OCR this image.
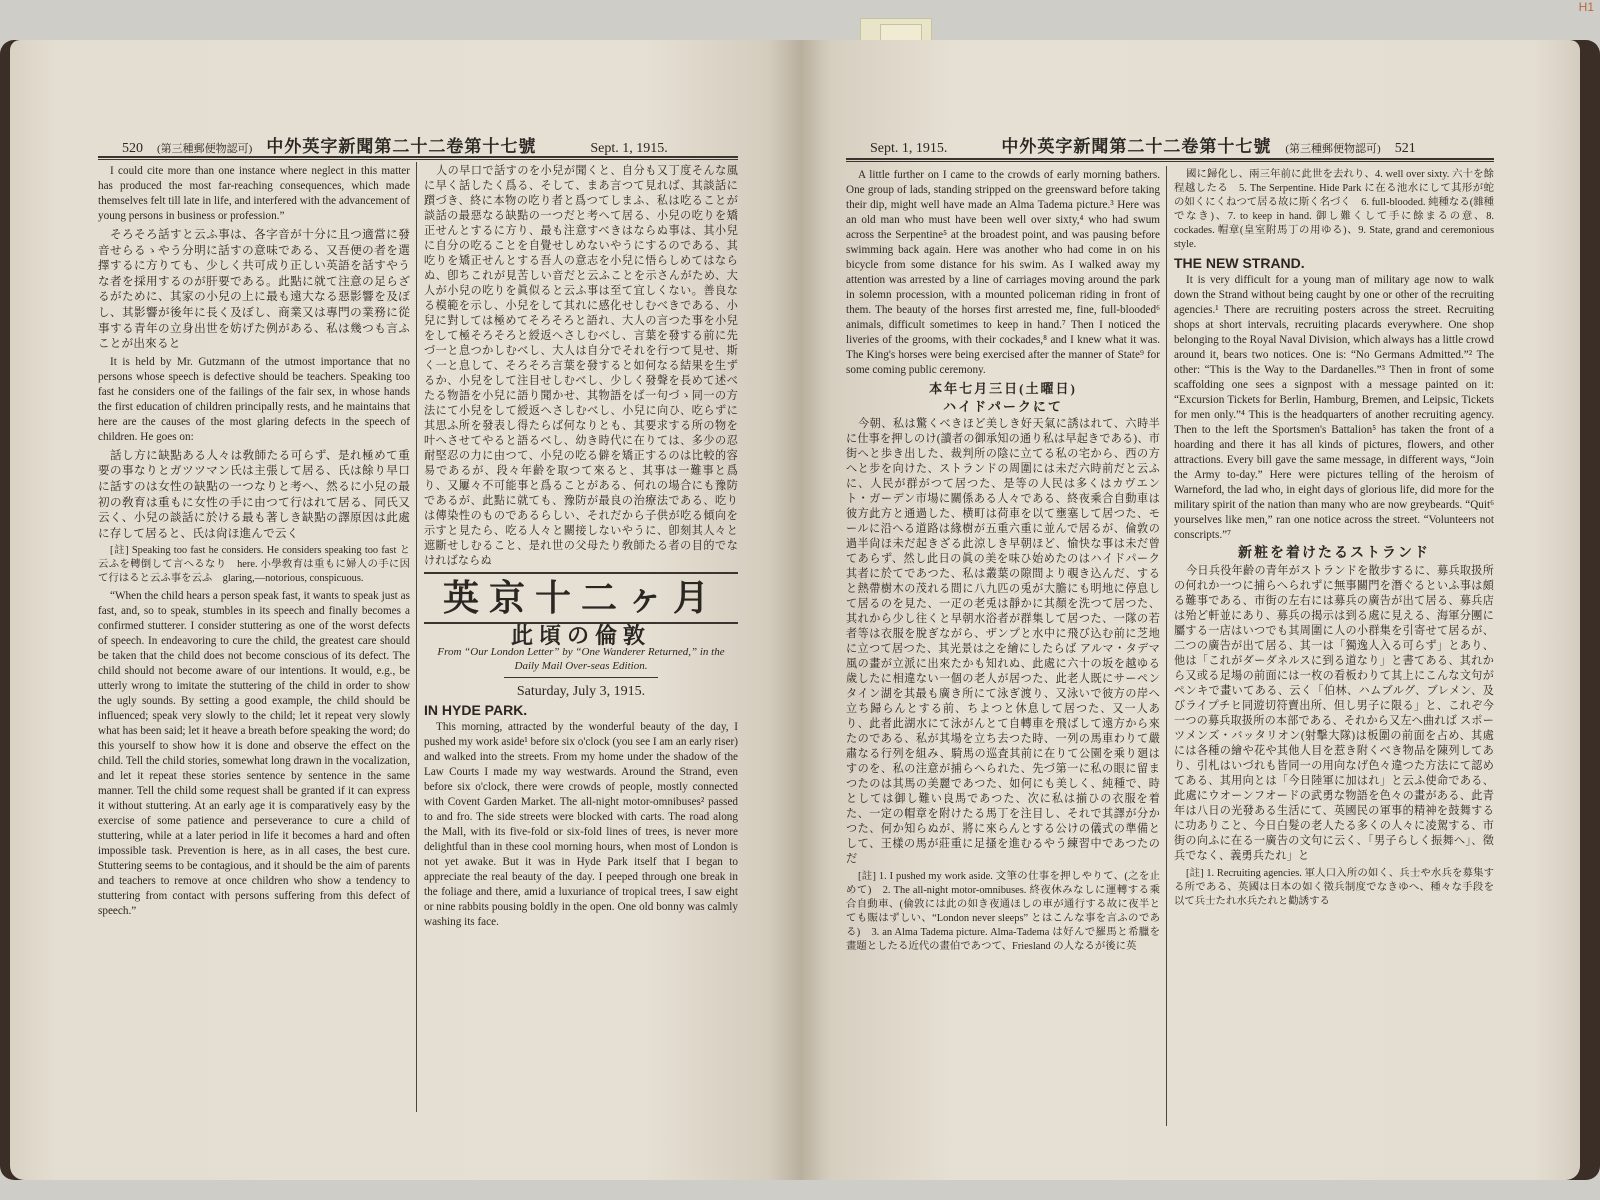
H1
520 (第三種郵便物認可) 中外英字新聞第二十二卷第十七號	Sept. 1, 1915.

I could cite more than one instance where neglect in this matter has produced the most far-reaching consequences, which made themselves felt till late in life, and interfered with the advancement of young persons in business or profession.”

そろそろ話すと云ふ事は、各字音が十分に且つ適當に發音せらるゝやう分明に話すの意味である、又吾便の者を選擇するに方りても、少しく共可成り正しい英語を話すやうな者を採用するのが肝要である。此點に就て注意の足らざるがために、其家の小兒の上に最も遠大なる惡影響を及ぼし、其影響が後年に長く及ぼし、商業又は專門の業務に從事する青年の立身出世を妨げた例がある、私は幾つも言ふことが出來ると

It is held by Mr. Gutzmann of the utmost importance that no persons whose speech is defective should be teachers. Speaking too fast he considers one of the failings of the fair sex, in whose hands the first education of children principally rests, and he maintains that here are the causes of the most glaring defects in the speech of children. He goes on:

話し方に缺點ある人々は敎師たる可らず、是れ極めて重要の事なりとガツツマン氏は主張して居る、氏は餘り早口に話すのは女性の缺點の一つなりと考へ、然るに小兒の最初の敎育は重もに女性の手に由つて行はれて居る、同氏又云く、小兒の談話に於ける最も著しき缺點の譯原因は此處に存して居ると、氏は尙ほ進んで云く

[註] Speaking too fast he considers. He considers speaking too fast と云ふを轉倒して言へるなり　here. 小學敎育は重もに婦人の手に因て行はると云ふ事を云ふ　glaring,—notorious, conspicuous.

“When the child hears a person speak fast, it wants to speak just as fast, and, so to speak, stumbles in its speech and finally becomes a confirmed stutterer. I consider stuttering as one of the worst defects of speech. In endeavoring to cure the child, the greatest care should be taken that the child does not become conscious of its defect. The child should not become aware of our intentions. It would, e.g., be utterly wrong to imitate the stuttering of the child in order to show the ugly sounds. By setting a good example, the child should be influenced; speak very slowly to the child; let it repeat very slowly what has been said; let it heave a breath before speaking the word; do this yourself to show how it is done and observe the effect on the child. Tell the child stories, somewhat long drawn in the vocalization, and let it repeat these stories sentence by sentence in the same manner. Tell the child some request shall be granted if it can express it without stuttering. At an early age it is comparatively easy by the exercise of some patience and perseverance to cure a child of stuttering, while at a later period in life it becomes a hard and often impossible task. Prevention is here, as in all cases, the best cure. Stuttering seems to be contagious, and it should be the aim of parents and teachers to remove at once children who show a tendency to stuttering from contact with persons suffering from this defect of speech.”

人の早口で話すのを小兒が聞くと、自分も又丁度そんな風に早く話したく爲る、そして、まあ言つて見れば、其談話に躓づき、終に本物の吃り者と爲つてしまふ、私は吃ることが談話の最惡なる缺點の一つだと考へて居る、小兒の吃りを矯正せんとするに方り、最も注意すべきはならぬ事は、其小兒に自分の吃ることを自覺せしめないやうにするのである、其吃りを矯正せんとする吾人の意志を小兒に悟らしめてはならぬ、卽ちこれが見苦しい音だと云ふことを示さんがため、大人が小兒の吃りを眞似ると云ふ事は至て宜しくない。善良なる模範を示し、小兒をして其れに感化せしむべきである、小兒に對しては極めてそろそろと語れ、大人の言つた事を小兒をして極そろそろと綬返へさしむべし、言葉を發する前に先づ一と息つかしむべし、大人は自分でそれを行つて見せ、斯く一と息して、そろそろ言葉を發すると如何なる結果を生ずるか、小兒をして注目せしむべし、少しく發聲を長めて述べたる物語を小兒に語り聞かせ、其物語をば一句づゝ同一の方法にて小兒をして綬返へさしむべし、小兒に向ひ、吃らずに其思ふ所を發表し得たらば何なりとも、其要求する所の物を叶へさせてやると語るべし、幼き時代に在りては、多少の忍耐堅忍の力に由つて、小兒の吃る僻を矯正するのは比較的容易であるが、段々年齡を取つて來ると、其事は一難事と爲り、又屢々不可能事と爲ることがある、何れの場合にも豫防であるが、此點に就ても、豫防が最良の治療法である、吃りは傳染性のものであるらしい、それだから子供が吃る傾向を示すと見たら、吃る人々と關接しないやうに、卽刻其人々と遮斷せしむること、是れ世の父母たり敎師たる者の目的でなければならぬ

英京十二ヶ月
此頃の倫敦
From “Our London Letter” by “One Wanderer Returned,” in the Daily Mail Over-seas Edition.
Saturday, July 3, 1915.
IN HYDE PARK.

This morning, attracted by the wonderful beauty of the day, I pushed my work aside¹ before six o'clock (you see I am an early riser) and walked into the streets. From my home under the shadow of the Law Courts I made my way westwards. Around the Strand, even before six o'clock, there were crowds of people, mostly connected with Covent Garden Market. The all-night motor-omnibuses² passed to and fro. The side streets were blocked with carts. The road along the Mall, with its five-fold or six-fold lines of trees, is never more delightful than in these cool morning hours, when most of London is not yet awake. But it was in Hyde Park itself that I began to appreciate the real beauty of the day. I peeped through one break in the foliage and there, amid a luxuriance of tropical trees, I saw eight or nine rabbits pousing boldly in the open. One old bonny was calmly washing its face.

Sept. 1, 1915.	中外英字新聞第二十二卷第十七號 (第三種郵便物認可) 521

A little further on I came to the crowds of early morning bathers. One group of lads, standing stripped on the greensward before taking their dip, might well have made an Alma Tadema picture.³ Here was an old man who must have been well over sixty,⁴ who had swum across the Serpentine⁵ at the broadest point, and was pausing before swimming back again. Here was another who had come in on his bicycle from some distance for his swim. As I walked away my attention was arrested by a line of carriages moving around the park in solemn procession, with a mounted policeman riding in front of them. The beauty of the horses first arrested me, fine, full-blooded⁶ animals, difficult sometimes to keep in hand.⁷ Then I noticed the liveries of the grooms, with their cockades,⁸ and I knew what it was. The King's horses were being exercised after the manner of State⁹ for some coming public ceremony.

本年七月三日(土曜日)
ハイドパークにて

今朝、私は驚くべきほど美しき好天氣に誘はれて、六時半に仕事を押しのけ(讀者の御承知の通り私は早起きである)、市街へと歩き出した、裁判所の陰に立てる私の宅から、西の方へと步を向けた、ストランドの周圍には未だ六時前だと云ふに、人民が群がつて居つた、是等の人民は多くはカヴエント・ガーデン市場に關係ある人々である、終夜乘合自動車は彼方此方と通過した、横町は荷車を以て壅塞して居つた、モールに沿へる道路は緣樹が五重六重に並んで居るが、倫敦の過半尙ほ未だ起きざる此涼しき早朝ほど、愉快な事は未だ曾てあらず、然し此日の眞の美を味ひ始めたのはハイドパーク其者に於てであつた、私は叢葉の隙間より覗き込んだ、すると熱帶樹木の茂れる間に八九匹の兎が大膽にも明地に停息して居るのを見た、一疋の老兎は靜かに其顏を洗つて居つた、其れから少し往くと早朝水浴者が群集して居つた、一隊の若者等は衣服を脫ぎながら、ザンプと水中に飛び込む前に芝地に立つて居つた、其光景は之を繪にしたらば アルマ・タデマ風の畫が立派に出來たかも知れぬ、此處に六十の坂を越ゆる歲したに相違ない一個の老人が居つた、此老人既にサーペンタイン湖を其最も廣き所にて泳ぎ渡り、又泳いで彼方の岸へ立ち歸らんとする前、ちよつと休息して居つた、又一人あり、此者此湖水にて泳がんとて自轉車を飛ばして遠方から來たのである、私が其場を立ち去つた時、一列の馬車わりて嚴肅なる行列を組み、騎馬の巡査其前に在りて公園を乘り廻はすのを、私の注意が捕らへられた、先づ第一に私の眼に留まつたのは其馬の美麗であつた、如何にも美しく、純種で、時としては御し難い良馬であつた、次に私は揃ひの衣服を着た、一定の帽章を附けたる馬丁を注目し、それで其譯が分かつた、何か知らぬが、將に來らんとする公けの儀式の準備として、王樣の馬が莊重に足搔を進むるやう練習中であつたのだ

[註] 1. I pushed my work aside. 文筆の仕事を押しやりて、(之を止めて)　2. The all-night motor-omnibuses. 終夜休みなしに運轉する乘合自動車、(倫敦には此の如き夜通ほしの車が通行する故に夜半とても賑はずしい、“London never sleeps” とはこんな事を言ふのである)　3. an Alma Tadema picture. Alma-Tadema は好んで羅馬と希臘を畫題としたる近代の畫伯であつて、Friesland の人なるが後に英

國に歸化し、兩三年前に此世を去れり、4. well over sixty. 六十を餘程越したる　5. The Serpentine. Hide Park に在る池水にして其形が蛇の如くにくねつて居る故に斯く名づく　6. full-blooded. 純種なる(雜種でなき)、7. to keep in hand. 御し難くして手に餘まるの意、8. cockades. 帽章(皇室附馬丁の用ゆる)、9. State, grand and ceremonious style.

THE NEW STRAND.

It is very difficult for a young man of military age now to walk down the Strand without being caught by one or other of the recruiting agencies.¹ There are recruiting posters across the street. Recruiting shops at short intervals, recruiting placards everywhere. One shop belonging to the Royal Naval Division, which always has a little crowd around it, bears two notices. One is: “No Germans Admitted.”² The other: “This is the Way to the Dardanelles.”³ Then in front of some scaffolding one sees a signpost with a message painted on it: “Excursion Tickets for Berlin, Hamburg, Bremen, and Leipsic, Tickets for men only.”⁴ This is the headquarters of another recruiting agency. Then to the left the Sportsmen's Battalion⁵ has taken the front of a hoarding and there it has all kinds of pictures, flowers, and other attractions. Every bill gave the same message, in different ways, “Join the Army to-day.” Here were pictures telling of the heroism of Warneford, the lad who, in eight days of glorious life, did more for the military spirit of the nation than many who are now greybeards. “Quit⁶ yourselves like men,” ran one notice across the street. “Volunteers not conscripts.”⁷

新粧を着けたるストランド

今日兵役年齡の青年がストランドを散步するに、募兵取扱所の何れか一つに捕らへられずに無事關門を潛ぐるといふ事は頗る難事である、市街の左右には募兵の廣告が出て居る、募兵店は殆ど軒並にあり、募兵の揭示は到る處に見える、海軍分團に屬する一店はいつでも其周圍に人の小群集を引寄せて居るが、二つの廣告が出て居る、其一は「獨逸人入る可らず」とあり、他は「これがダーダネルスに到る道なり」と書てある、其れから又或る足場の前面には一枚の看板わりて其上にこんな文句がペンキで畫いてある、云く「伯林、ハムブルグ、ブレメン、及びライプチヒ同遊切符賣出所、但し男子に限る」と、これぞ今一つの募兵取扱所の本部である、それから又左へ曲れば スポーツメンズ・バッタリオン(射擊大隊)は板圍の前面を占め、其處には各種の繪や花や其他人目を惹き附くべき物品を陳列してあり、引札はいづれも皆同一の用向なげ色々違つた方法にて認めてある、其用向とは「今日陸軍に加はれ」と云ふ使命である、此處にウオーンフオードの武勇な物語を色々の畫がある、此青年は八日の光發ある生活にて、英國民の軍事的精神を鼓舞するに功ありこと、今日白髮の老人たる多くの人々に凌駕する、市街の向ふに在る一廣告の文句に云く、「男子らしく振舞へ」、徵兵でなく、義勇兵たれ」と

[註] 1. Recruiting agencies. 軍人口入所の如く、兵士や水兵を募集する所である、英國は日本の如く徵兵制度でなきゆへ、種々な手段を以て兵士たれ水兵たれと勸誘する
